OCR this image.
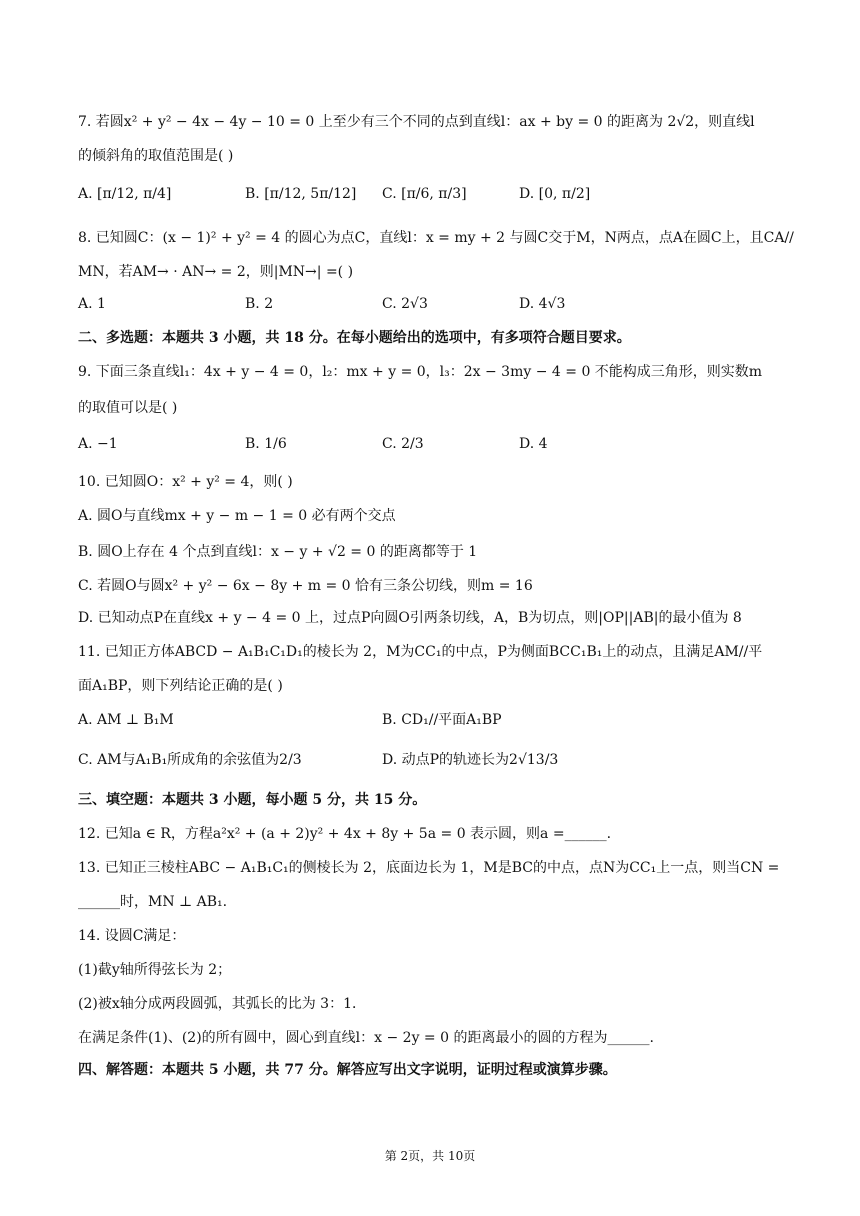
7. 若圆x² + y² − 4x − 4y − 10 = 0 上至少有三个不同的点到直线l：ax + by = 0 的距离为 2√2，则直线l
的倾斜角的取值范围是( )
A. [π/12, π/4]	B. [π/12, 5π/12] C. [π/6, π/3]	D. [0, π/2]
8. 已知圆C：(x − 1)² + y² = 4 的圆心为点C，直线l：x = my + 2 与圆C交于M，N两点，点A在圆C上，且CA//
MN，若AM→ · AN→ = 2，则|MN→| =( )
A. 1	B. 2	C. 2√3	D. 4√3
二、多选题：本题共 3 小题，共 18 分。在每小题给出的选项中，有多项符合题目要求。
9. 下面三条直线l₁：4x + y − 4 = 0，l₂：mx + y = 0，l₃：2x − 3my − 4 = 0 不能构成三角形，则实数m
的取值可以是( )
A. −1	B. 1/6	C. 2/3	D. 4
10. 已知圆O：x² + y² = 4，则( )
A. 圆O与直线mx + y − m − 1 = 0 必有两个交点
B. 圆O上存在 4 个点到直线l：x − y + √2 = 0 的距离都等于 1
C. 若圆O与圆x² + y² − 6x − 8y + m = 0 恰有三条公切线，则m = 16
D. 已知动点P在直线x + y − 4 = 0 上，过点P向圆O引两条切线，A，B为切点，则|OP||AB|的最小值为 8
11. 已知正方体ABCD − A₁B₁C₁D₁的棱长为 2，M为CC₁的中点，P为侧面BCC₁B₁上的动点，且满足AM//平
面A₁BP，则下列结论正确的是( )
A. AM ⊥ B₁M	B. CD₁//平面A₁BP
C. AM与A₁B₁所成角的余弦值为2/3	D. 动点P的轨迹长为2√13/3
三、填空题：本题共 3 小题，每小题 5 分，共 15 分。
12. 已知a ∈ R，方程a²x² + (a + 2)y² + 4x + 8y + 5a = 0 表示圆，则a =______.
13. 已知正三棱柱ABC − A₁B₁C₁的侧棱长为 2，底面边长为 1，M是BC的中点，点N为CC₁上一点，则当CN =
______时，MN ⊥ AB₁.
14. 设圆C满足：
(1)截y轴所得弦长为 2；
(2)被x轴分成两段圆弧，其弧长的比为 3：1．
在满足条件(1)、(2)的所有圆中，圆心到直线l：x − 2y = 0 的距离最小的圆的方程为______.
四、解答题：本题共 5 小题，共 77 分。解答应写出文字说明，证明过程或演算步骤。
第 2页，共 10页
